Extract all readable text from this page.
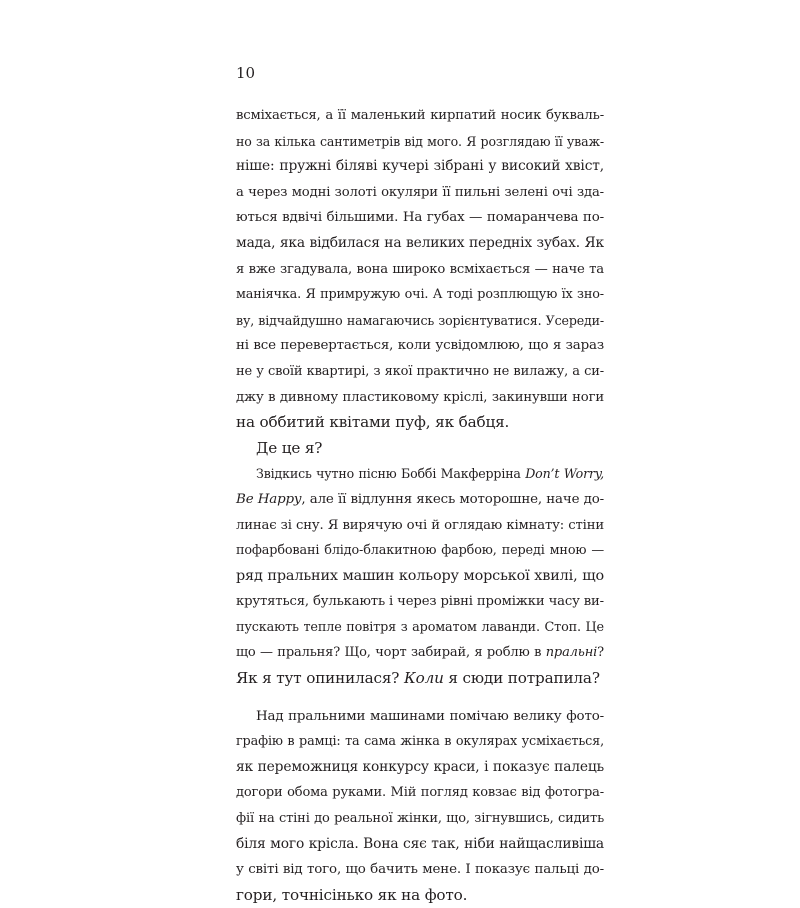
10
всміхається, а її маленький кирпатий носик букваль-
но за кілька сантиметрів від мого. Я розглядаю її уваж-
ніше: пружні біляві кучері зібрані у високий хвіст,
а через модні золоті окуляри її пильні зелені очі зда-
ються вдвічі більшими. На губах — помаранчева по-
мада, яка відбилася на великих передніх зубах. Як
я вже згадувала, вона широко всміхається — наче та
маніячка. Я примружую очі. А тоді розплющую їх зно-
ву, відчайдушно намагаючись зорієнтуватися. Усереди-
ні все перевертається, коли усвідомлюю, що я зараз
не у своїй квартирі, з якої практично не вилажу, а си-
джу в дивному пластиковому кріслі, закинувши ноги
на оббитий квітами пуф, як бабця.
Де це я?
Звідкись чутно пісню Боббі Макферріна Don’t Worry,
Be Happy, але її відлуння якесь моторошне, наче до-
линає зі сну. Я вирячую очі й оглядаю кімнату: стіни
пофарбовані блідо-блакитною фарбою, переді мною —
ряд пральних машин кольору морської хвилі, що
крутяться, булькають і через рівні проміжки часу ви-
пускають тепле повітря з ароматом лаванди. Стоп. Це
що — пральня? Що, чорт забирай, я роблю в пральні?
Як я тут опинилася? Коли я сюди потрапила?
Над пральними машинами помічаю велику фото-
графію в рамці: та сама жінка в окулярах усміхається,
як переможниця конкурсу краси, і показує палець
догори обома руками. Мій погляд ковзає від фотогра-
фії на стіні до реальної жінки, що, зігнувшись, сидить
біля мого крісла. Вона сяє так, ніби найщасливіша
у світі від того, що бачить мене. І показує пальці до-
гори, точнісінько як на фото.
